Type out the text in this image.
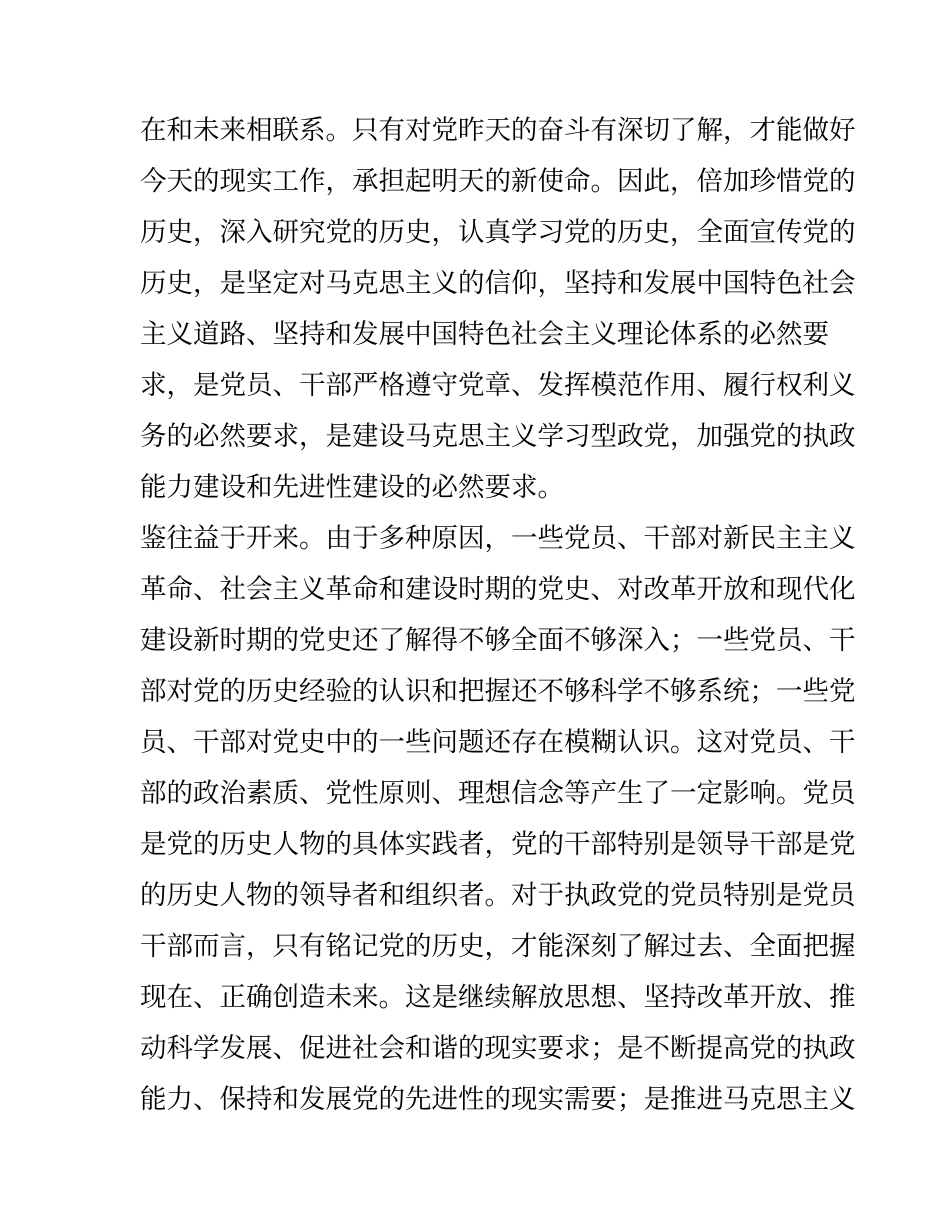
在和未来相联系。只有对党昨天的奋斗有深切了解，才能做好
今天的现实工作，承担起明天的新使命。因此，倍加珍惜党的
历史，深入研究党的历史，认真学习党的历史，全面宣传党的
历史，是坚定对马克思主义的信仰，坚持和发展中国特色社会
主义道路、坚持和发展中国特色社会主义理论体系的必然要
求，是党员、干部严格遵守党章、发挥模范作用、履行权利义
务的必然要求，是建设马克思主义学习型政党，加强党的执政
能力建设和先进性建设的必然要求。
鉴往益于开来。由于多种原因，一些党员、干部对新民主主义
革命、社会主义革命和建设时期的党史、对改革开放和现代化
建设新时期的党史还了解得不够全面不够深入；一些党员、干
部对党的历史经验的认识和把握还不够科学不够系统；一些党
员、干部对党史中的一些问题还存在模糊认识。这对党员、干
部的政治素质、党性原则、理想信念等产生了一定影响。党员
是党的历史人物的具体实践者，党的干部特别是领导干部是党
的历史人物的领导者和组织者。对于执政党的党员特别是党员
干部而言，只有铭记党的历史，才能深刻了解过去、全面把握
现在、正确创造未来。这是继续解放思想、坚持改革开放、推
动科学发展、促进社会和谐的现实要求；是不断提高党的执政
能力、保持和发展党的先进性的现实需要；是推进马克思主义
